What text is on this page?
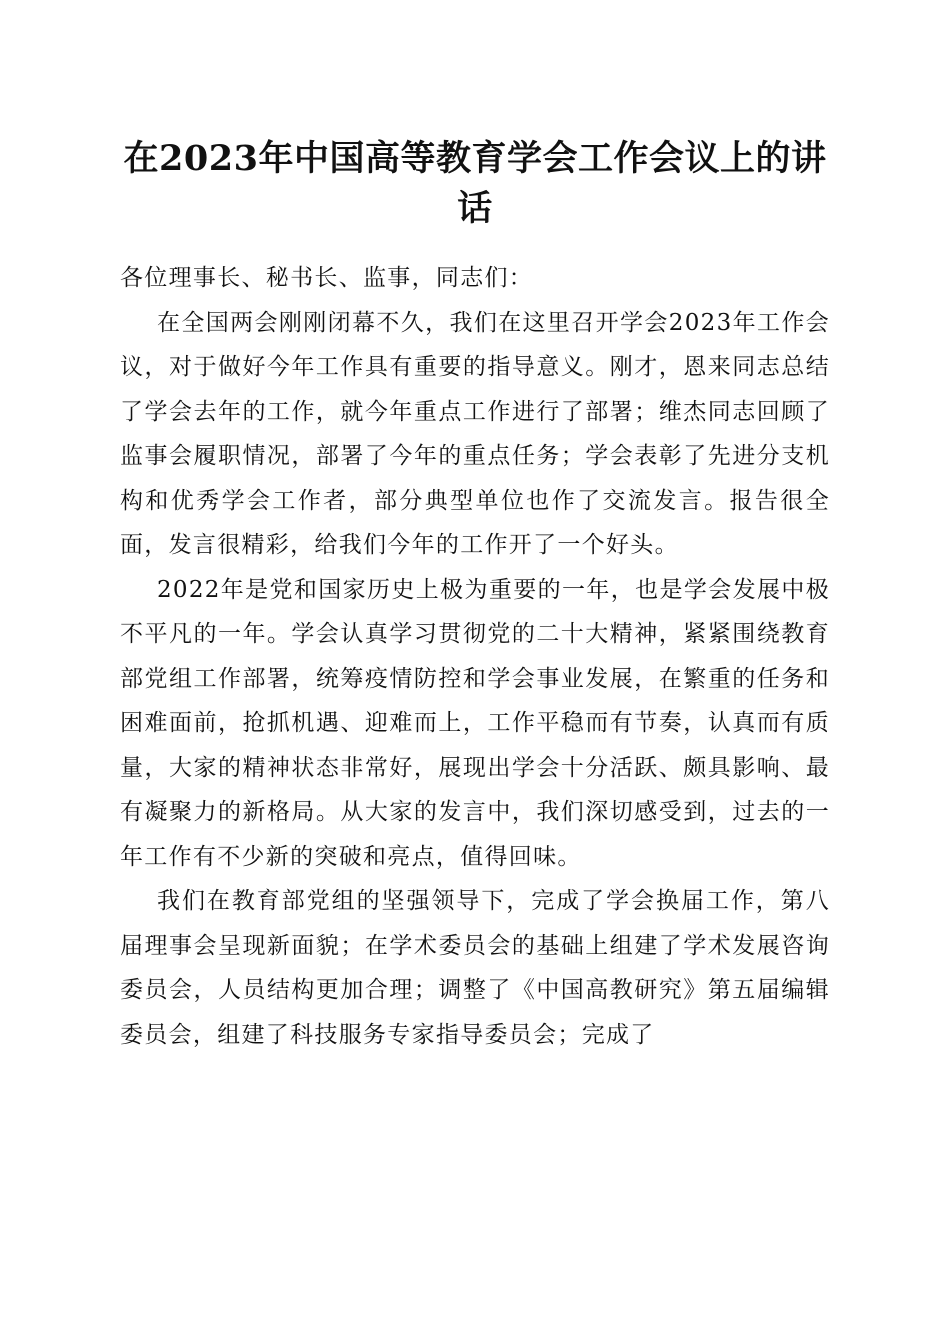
在2023年中国高等教育学会工作会议上的讲话

各位理事长、秘书长、监事，同志们：

在全国两会刚刚闭幕不久，我们在这里召开学会2023年工作会议，对于做好今年工作具有重要的指导意义。刚才，恩来同志总结了学会去年的工作，就今年重点工作进行了部署；维杰同志回顾了监事会履职情况，部署了今年的重点任务；学会表彰了先进分支机构和优秀学会工作者，部分典型单位也作了交流发言。报告很全面，发言很精彩，给我们今年的工作开了一个好头。

2022年是党和国家历史上极为重要的一年，也是学会发展中极不平凡的一年。学会认真学习贯彻党的二十大精神，紧紧围绕教育部党组工作部署，统筹疫情防控和学会事业发展，在繁重的任务和困难面前，抢抓机遇、迎难而上，工作平稳而有节奏，认真而有质量，大家的精神状态非常好，展现出学会十分活跃、颇具影响、最有凝聚力的新格局。从大家的发言中，我们深切感受到，过去的一年工作有不少新的突破和亮点，值得回味。

我们在教育部党组的坚强领导下，完成了学会换届工作，第八届理事会呈现新面貌；在学术委员会的基础上组建了学术发展咨询委员会，人员结构更加合理；调整了《中国高教研究》第五届编辑委员会，组建了科技服务专家指导委员会；完成了
